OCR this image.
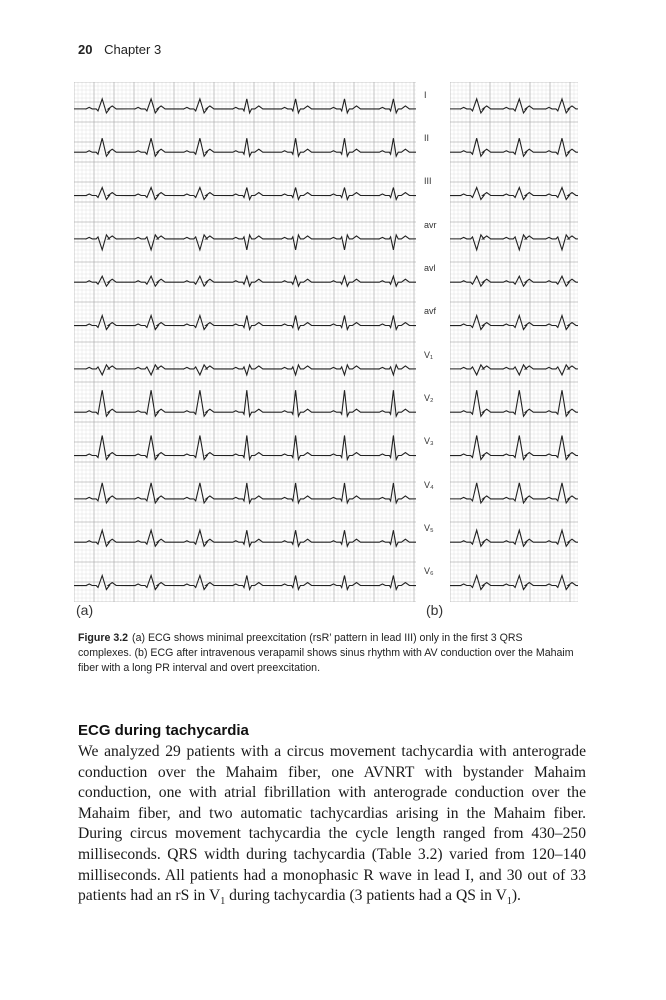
20 Chapter 3
I
II
III
avr
avl
avf
V₁
V₂
V₃
V₄
V₅
V₆
(a)	(b)
Figure 3.2 (a) ECG shows minimal preexcitation (rsR’ pattern in lead III) only in the first 3 QRS complexes. (b) ECG after intravenous verapamil shows sinus rhythm with AV conduction over the Mahaim fiber with a long PR interval and overt preexcitation.
ECG during tachycardia
We analyzed 29 patients with a circus movement tachycardia with anterograde conduction over the Mahaim fiber, one AVNRT with bystander Mahaim conduction, one with atrial fibrillation with anterograde conduction over the Mahaim fiber, and two automatic tachycardias arising in the Mahaim fiber. During circus movement tachycardia the cycle length ranged from 430–250 milliseconds. QRS width during tachycardia (Table 3.2) varied from 120–140 milliseconds. All patients had a monophasic R wave in lead I, and 30 out of 33 patients had an rS in $V_1$ during tachycardia (3 patients had a QS in $V_1$).
